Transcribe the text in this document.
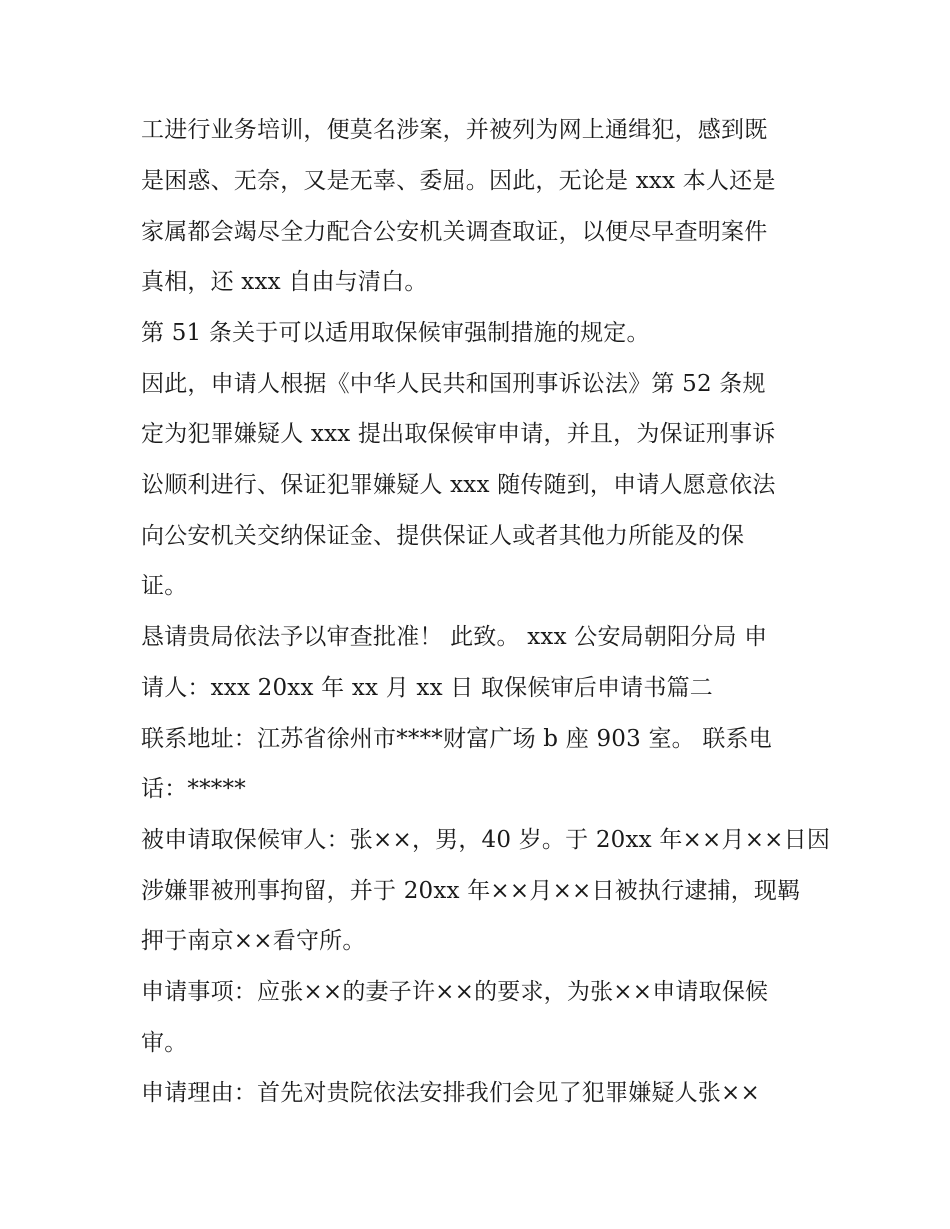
工进行业务培训，便莫名涉案，并被列为网上通缉犯，感到既
是困惑、无奈，又是无辜、委屈。因此，无论是 xxx 本人还是
家属都会竭尽全力配合公安机关调查取证，以便尽早查明案件
真相，还 xxx 自由与清白。
第 51 条关于可以适用取保候审强制措施的规定。
因此，申请人根据《中华人民共和国刑事诉讼法》第 52 条规
定为犯罪嫌疑人 xxx 提出取保候审申请，并且，为保证刑事诉
讼顺利进行、保证犯罪嫌疑人 xxx 随传随到，申请人愿意依法
向公安机关交纳保证金、提供保证人或者其他力所能及的保
证。
恳请贵局依法予以审查批准！ 此致。 xxx 公安局朝阳分局 申
请人：xxx 20xx 年 xx 月 xx 日 取保候审后申请书篇二
联系地址：江苏省徐州市****财富广场 b 座 903 室。 联系电
话：*****
被申请取保候审人：张××，男，40 岁。于 20xx 年××月××日因
涉嫌罪被刑事拘留，并于 20xx 年××月××日被执行逮捕，现羁
押于南京××看守所。
申请事项：应张××的妻子许××的要求，为张××申请取保候
审。
申请理由：首先对贵院依法安排我们会见了犯罪嫌疑人张××
